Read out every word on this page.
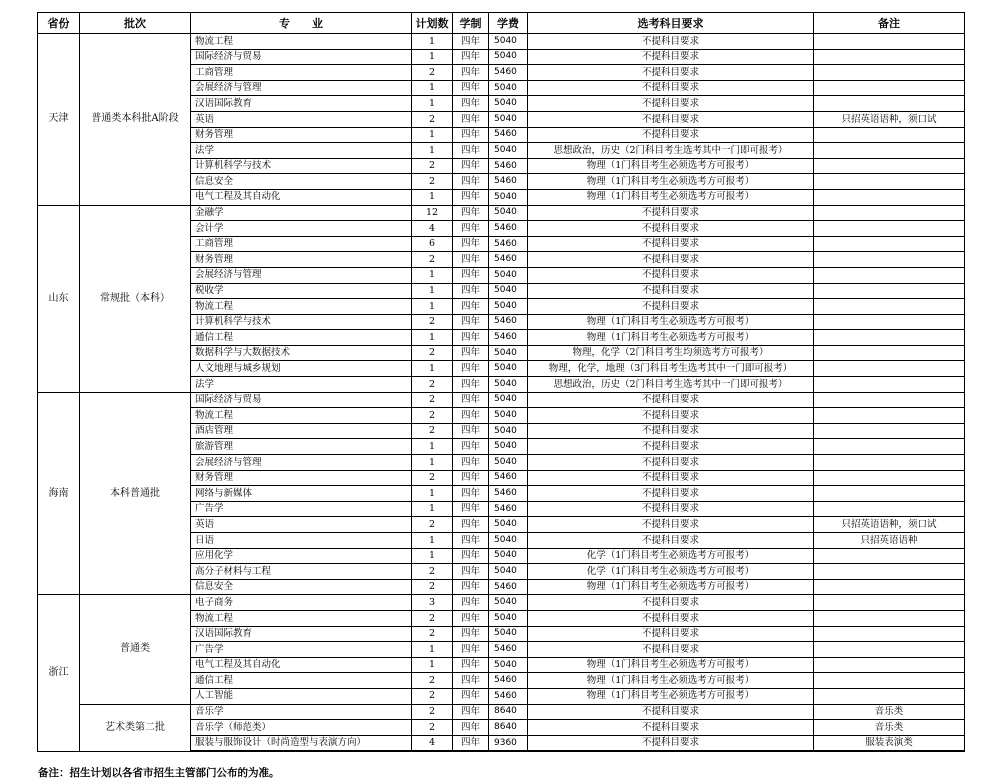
省份	批次	专　　业	计划数	学制	学费	选考科目要求	备注
天津	普通类本科批A阶段	物流工程	1	四年	5040	不提科目要求	
		国际经济与贸易	1	四年	5040	不提科目要求	
		工商管理	2	四年	5460	不提科目要求	
		会展经济与管理	1	四年	5040	不提科目要求	
		汉语国际教育	1	四年	5040	不提科目要求	
		英语	2	四年	5040	不提科目要求	只招英语语种，须口试
		财务管理	1	四年	5460	不提科目要求	
		法学	1	四年	5040	思想政治，历史（2门科目考生选考其中一门即可报考）	
		计算机科学与技术	2	四年	5460	物理（1门科目考生必须选考方可报考）	
		信息安全	2	四年	5460	物理（1门科目考生必须选考方可报考）	
		电气工程及其自动化	1	四年	5040	物理（1门科目考生必须选考方可报考）	
山东	常规批（本科）	金融学	12	四年	5040	不提科目要求	
		会计学	4	四年	5460	不提科目要求	
		工商管理	6	四年	5460	不提科目要求	
		财务管理	2	四年	5460	不提科目要求	
		会展经济与管理	1	四年	5040	不提科目要求	
		税收学	1	四年	5040	不提科目要求	
		物流工程	1	四年	5040	不提科目要求	
		计算机科学与技术	2	四年	5460	物理（1门科目考生必须选考方可报考）	
		通信工程	1	四年	5460	物理（1门科目考生必须选考方可报考）	
		数据科学与大数据技术	2	四年	5040	物理，化学（2门科目考生均须选考方可报考）	
		人文地理与城乡规划	1	四年	5040	物理，化学，地理（3门科目考生选考其中一门即可报考）	
		法学	2	四年	5040	思想政治，历史（2门科目考生选考其中一门即可报考）	
海南	本科普通批	国际经济与贸易	2	四年	5040	不提科目要求	
		物流工程	2	四年	5040	不提科目要求	
		酒店管理	2	四年	5040	不提科目要求	
		旅游管理	1	四年	5040	不提科目要求	
		会展经济与管理	1	四年	5040	不提科目要求	
		财务管理	2	四年	5460	不提科目要求	
		网络与新媒体	1	四年	5460	不提科目要求	
		广告学	1	四年	5460	不提科目要求	
		英语	2	四年	5040	不提科目要求	只招英语语种，须口试
		日语	1	四年	5040	不提科目要求	只招英语语种
		应用化学	1	四年	5040	化学（1门科目考生必须选考方可报考）	
		高分子材料与工程	2	四年	5040	化学（1门科目考生必须选考方可报考）	
		信息安全	2	四年	5460	物理（1门科目考生必须选考方可报考）	
浙江	普通类	电子商务	3	四年	5040	不提科目要求	
		物流工程	2	四年	5040	不提科目要求	
		汉语国际教育	2	四年	5040	不提科目要求	
		广告学	1	四年	5460	不提科目要求	
		电气工程及其自动化	1	四年	5040	物理（1门科目考生必须选考方可报考）	
		通信工程	2	四年	5460	物理（1门科目考生必须选考方可报考）	
		人工智能	2	四年	5460	物理（1门科目考生必须选考方可报考）	
	艺术类第二批	音乐学	2	四年	8640	不提科目要求	音乐类
		音乐学（师范类）	2	四年	8640	不提科目要求	音乐类
		服装与服饰设计（时尚造型与表演方向）	4	四年	9360	不提科目要求	服装表演类
备注：招生计划以各省市招生主管部门公布的为准。
